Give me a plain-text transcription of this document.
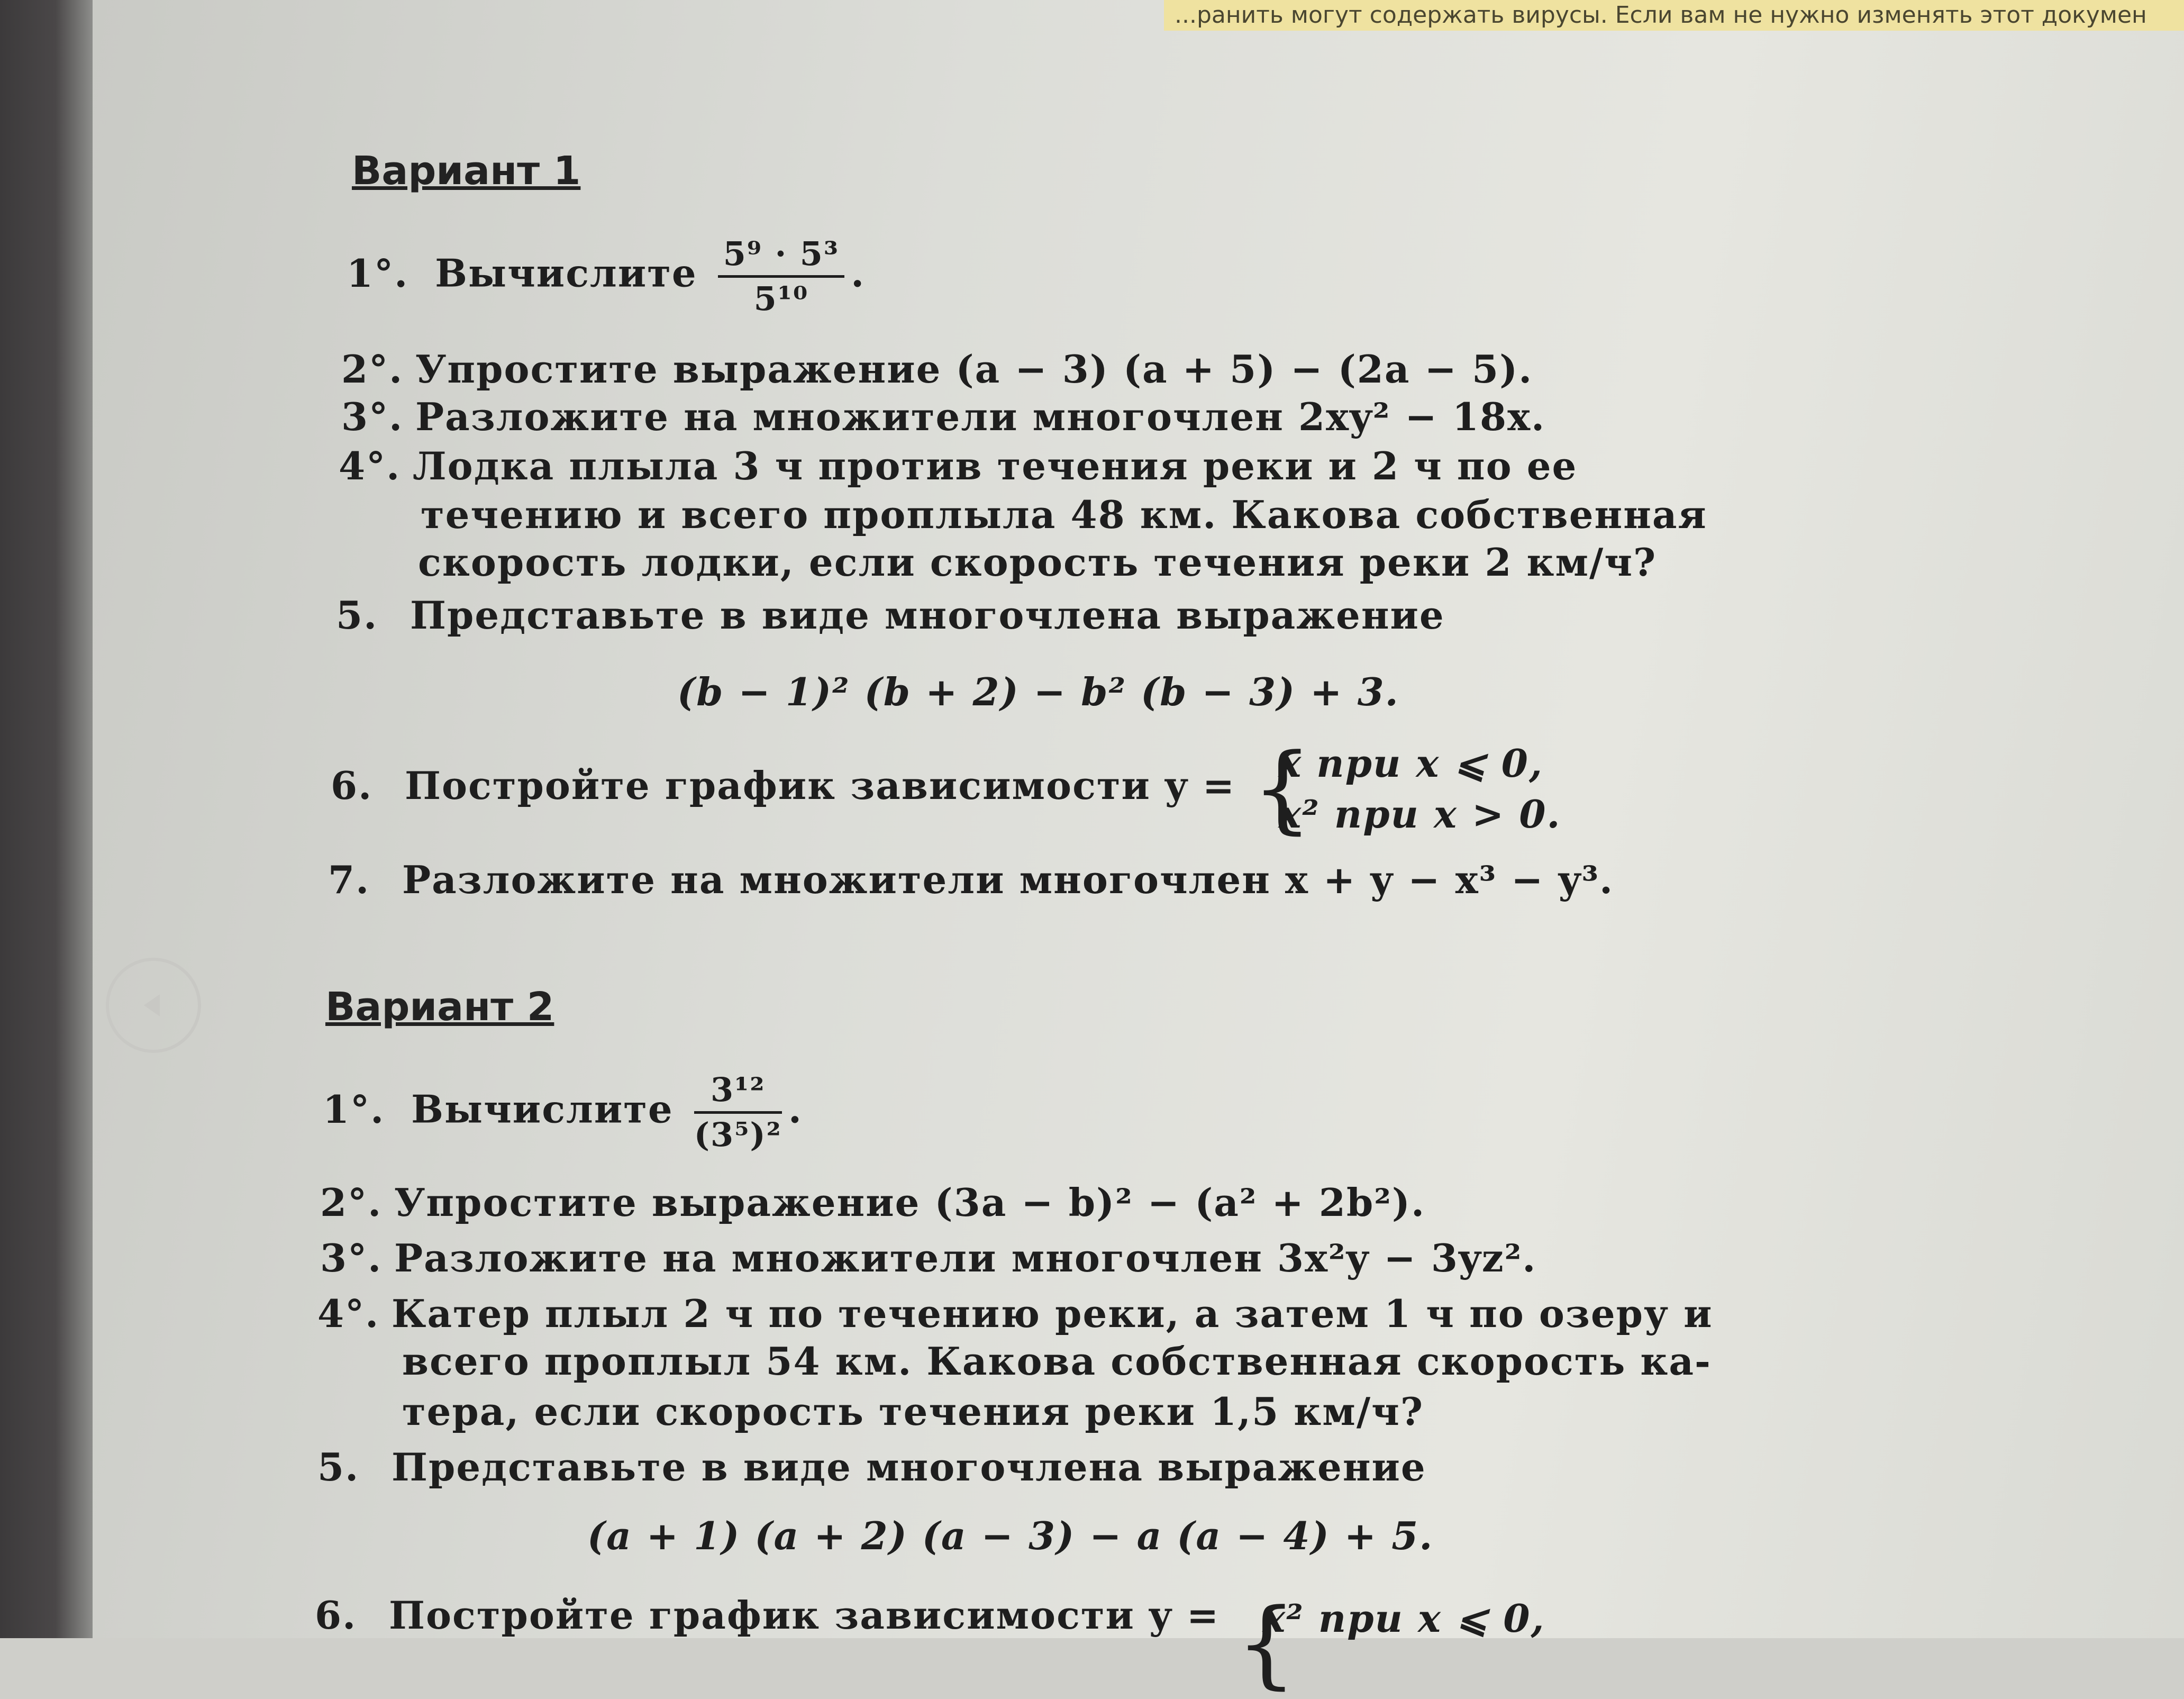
...ранить могут содержать вирусы. Если вам не нужно изменять этот докумен
Вариант 1
1°. Вычислите $\frac{\text{5⁹ · 5³}}{\text{5¹⁰}}$ .
2°. Упростите выражение (a − 3) (a + 5) − (2a − 5).
3°. Разложите на множители многочлен 2xy² − 18x.
4°. Лодка плыла 3 ч против течения реки и 2 ч по ее
течению и всего проплыла 48 км. Какова собственная
скорость лодки, если скорость течения реки 2 км/ч?
5. Представьте в виде многочлена выражение
(b − 1)² (b + 2) − b² (b − 3) + 3.
6. Постройте график зависимости y = {
x при x ⩽ 0,
x² при x > 0.
7. Разложите на множители многочлен x + y − x³ − y³.
Вариант 2
1°. Вычислите $\frac{\text{3¹²}}{\text{(3⁵)²}}$ .
2°. Упростите выражение (3a − b)² − (a² + 2b²).
3°. Разложите на множители многочлен 3x²y − 3yz².
4°. Катер плыл 2 ч по течению реки, а затем 1 ч по озеру и
всего проплыл 54 км. Какова собственная скорость ка-
тера, если скорость течения реки 1,5 км/ч?
5. Представьте в виде многочлена выражение
(a + 1) (a + 2) (a − 3) − a (a − 4) + 5.
6. Постройте график зависимости y = {
x² при x ⩽ 0,
